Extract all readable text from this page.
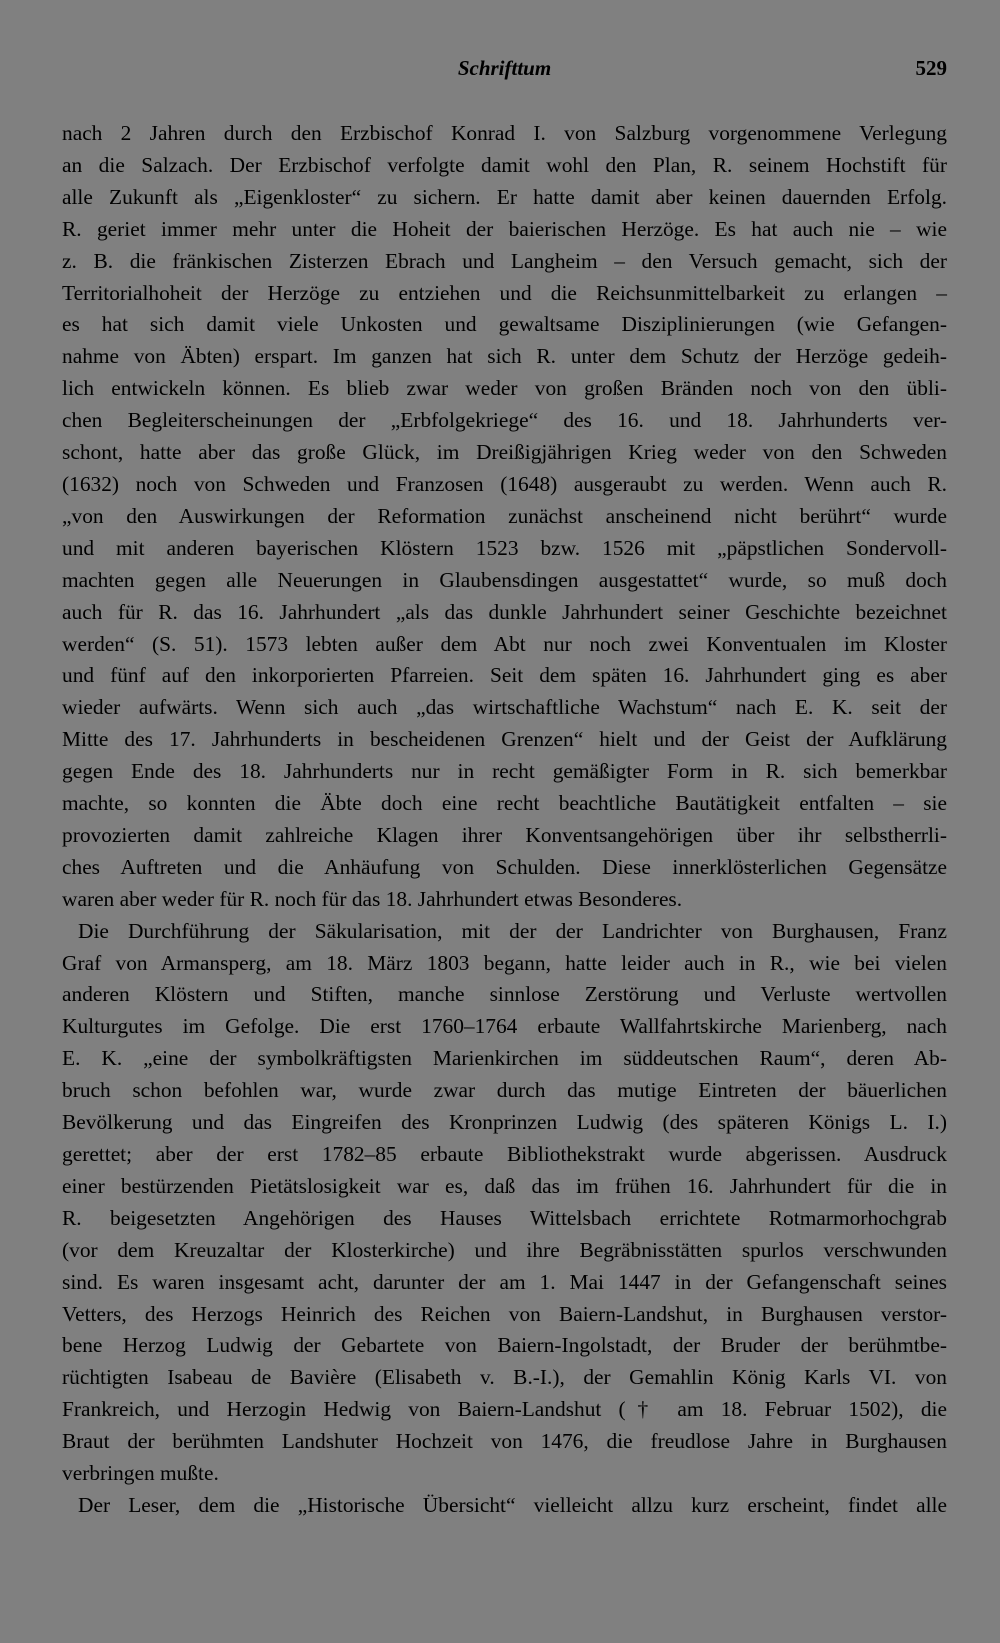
Schrifttum	529

nach 2 Jahren durch den Erzbischof Konrad I. von Salzburg vorgenommene Verlegung

an die Salzach. Der Erzbischof verfolgte damit wohl den Plan, R. seinem Hochstift für

alle Zukunft als „Eigenkloster“ zu sichern. Er hatte damit aber keinen dauernden Erfolg.

R. geriet immer mehr unter die Hoheit der baierischen Herzöge. Es hat auch nie – wie

z. B. die fränkischen Zisterzen Ebrach und Langheim – den Versuch gemacht, sich der

Territorialhoheit der Herzöge zu entziehen und die Reichsunmittelbarkeit zu erlangen –

es hat sich damit viele Unkosten und gewaltsame Disziplinierungen (wie Gefangen-

nahme von Äbten) erspart. Im ganzen hat sich R. unter dem Schutz der Herzöge gedeih-

lich entwickeln können. Es blieb zwar weder von großen Bränden noch von den übli-

chen Begleiterscheinungen der „Erbfolgekriege“ des 16. und 18. Jahrhunderts ver-

schont, hatte aber das große Glück, im Dreißigjährigen Krieg weder von den Schweden

(1632) noch von Schweden und Franzosen (1648) ausgeraubt zu werden. Wenn auch R.

„von den Auswirkungen der Reformation zunächst anscheinend nicht berührt“ wurde

und mit anderen bayerischen Klöstern 1523 bzw. 1526 mit „päpstlichen Sondervoll-

machten gegen alle Neuerungen in Glaubensdingen ausgestattet“ wurde, so muß doch

auch für R. das 16. Jahrhundert „als das dunkle Jahrhundert seiner Geschichte bezeichnet

werden“ (S. 51). 1573 lebten außer dem Abt nur noch zwei Konventualen im Kloster

und fünf auf den inkorporierten Pfarreien. Seit dem späten 16. Jahrhundert ging es aber

wieder aufwärts. Wenn sich auch „das wirtschaftliche Wachstum“ nach E. K. seit der

Mitte des 17. Jahrhunderts in bescheidenen Grenzen“ hielt und der Geist der Aufklärung

gegen Ende des 18. Jahrhunderts nur in recht gemäßigter Form in R. sich bemerkbar

machte, so konnten die Äbte doch eine recht beachtliche Bautätigkeit entfalten – sie

provozierten damit zahlreiche Klagen ihrer Konventsangehörigen über ihr selbstherrli-

ches Auftreten und die Anhäufung von Schulden. Diese innerklösterlichen Gegensätze

waren aber weder für R. noch für das 18. Jahrhundert etwas Besonderes.

Die Durchführung der Säkularisation, mit der der Landrichter von Burghausen, Franz

Graf von Armansperg, am 18. März 1803 begann, hatte leider auch in R., wie bei vielen

anderen Klöstern und Stiften, manche sinnlose Zerstörung und Verluste wertvollen

Kulturgutes im Gefolge. Die erst 1760–1764 erbaute Wallfahrtskirche Marienberg, nach

E. K. „eine der symbolkräftigsten Marienkirchen im süddeutschen Raum“, deren Ab-

bruch schon befohlen war, wurde zwar durch das mutige Eintreten der bäuerlichen

Bevölkerung und das Eingreifen des Kronprinzen Ludwig (des späteren Königs L. I.)

gerettet; aber der erst 1782–85 erbaute Bibliothekstrakt wurde abgerissen. Ausdruck

einer bestürzenden Pietätslosigkeit war es, daß das im frühen 16. Jahrhundert für die in

R. beigesetzten Angehörigen des Hauses Wittelsbach errichtete Rotmarmorhochgrab

(vor dem Kreuzaltar der Klosterkirche) und ihre Begräbnisstätten spurlos verschwunden

sind. Es waren insgesamt acht, darunter der am 1. Mai 1447 in der Gefangenschaft seines

Vetters, des Herzogs Heinrich des Reichen von Baiern-Landshut, in Burghausen verstor-

bene Herzog Ludwig der Gebartete von Baiern-Ingolstadt, der Bruder der berühmtbe-

rüchtigten Isabeau de Bavière (Elisabeth v. B.-I.), der Gemahlin König Karls VI. von

Frankreich, und Herzogin Hedwig von Baiern-Landshut († am 18. Februar 1502), die

Braut der berühmten Landshuter Hochzeit von 1476, die freudlose Jahre in Burghausen

verbringen mußte.

Der Leser, dem die „Historische Übersicht“ vielleicht allzu kurz erscheint, findet alle
